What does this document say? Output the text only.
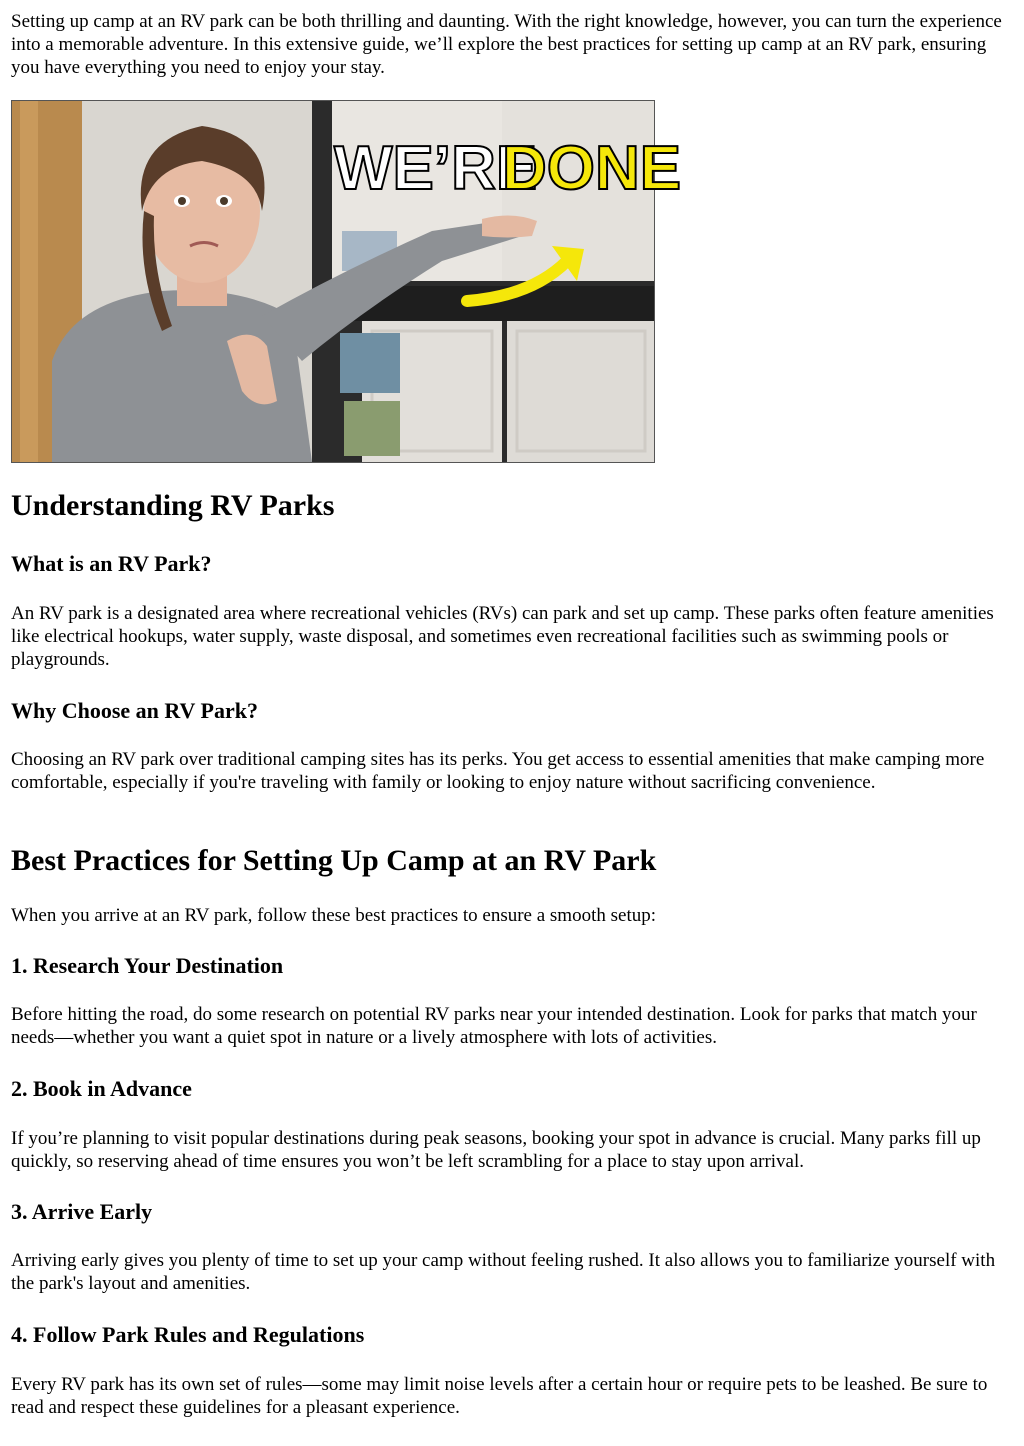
Setting up camp at an RV park can be both thrilling and daunting. With the right knowledge, however, you can turn the experience into a memorable adventure. In this extensive guide, we’ll explore the best practices for setting up camp at an RV park, ensuring you have everything you need to enjoy your stay.

WE’RE
DONE
Understanding RV Parks
What is an RV Park?

An RV park is a designated area where recreational vehicles (RVs) can park and set up camp. These parks often feature amenities like electrical hookups, water supply, waste disposal, and sometimes even recreational facilities such as swimming pools or playgrounds.

Why Choose an RV Park?

Choosing an RV park over traditional camping sites has its perks. You get access to essential amenities that make camping more comfortable, especially if you're traveling with family or looking to enjoy nature without sacrificing convenience.

Best Practices for Setting Up Camp at an RV Park

When you arrive at an RV park, follow these best practices to ensure a smooth setup:

1. Research Your Destination

Before hitting the road, do some research on potential RV parks near your intended destination. Look for parks that match your needs—whether you want a quiet spot in nature or a lively atmosphere with lots of activities.

2. Book in Advance

If you’re planning to visit popular destinations during peak seasons, booking your spot in advance is crucial. Many parks fill up quickly, so reserving ahead of time ensures you won’t be left scrambling for a place to stay upon arrival.

3. Arrive Early

Arriving early gives you plenty of time to set up your camp without feeling rushed. It also allows you to familiarize yourself with the park's layout and amenities.

4. Follow Park Rules and Regulations

Every RV park has its own set of rules—some may limit noise levels after a certain hour or require pets to be leashed. Be sure to read and respect these guidelines for a pleasant experience.
